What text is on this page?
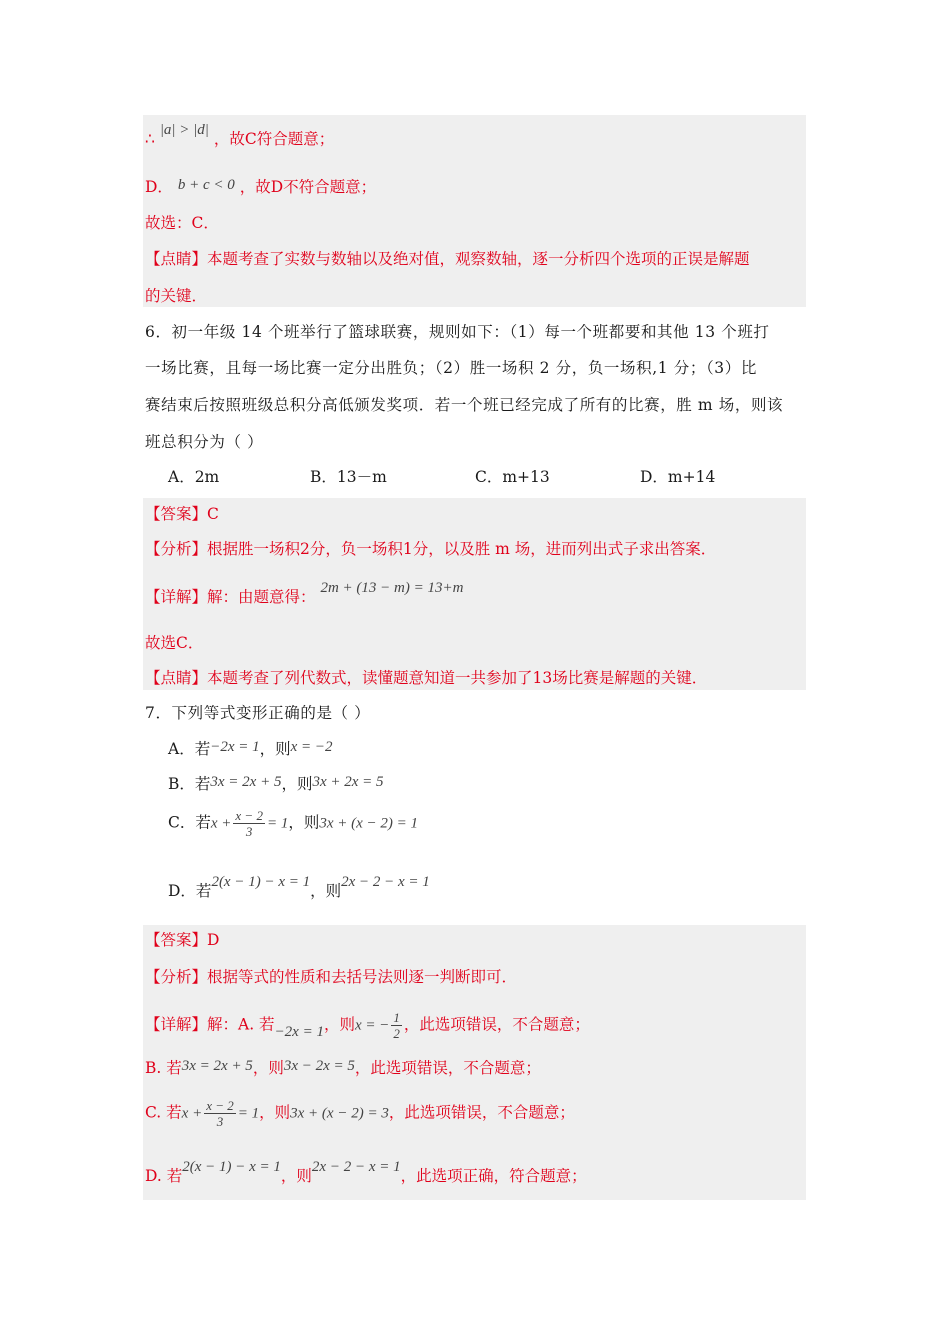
∴ |a| > |d| ，故C符合题意；
D． b + c < 0 ，故D不符合题意；
故选：C．
【点睛】本题考查了实数与数轴以及绝对值，观察数轴，逐一分析四个选项的正误是解题
的关键．
6．初一年级 14 个班举行了篮球联赛，规则如下：（1）每一个班都要和其他 13 个班打
一场比赛，且每一场比赛一定分出胜负；（2）胜一场积 2 分，负一场积,1 分；（3）比
赛结束后按照班级总积分高低颁发奖项．若一个班已经完成了所有的比赛，胜 m 场，则该
班总积分为（ ）
A．2m	B．13－m	C．m+13	D．m+14
【答案】C
【分析】根据胜一场积2分，负一场积1分，以及胜 m 场，进而列出式子求出答案．
【详解】解：由题意得： 2m + (13 − m) = 13+m
故选C．
【点睛】本题考查了列代数式，读懂题意知道一共参加了13场比赛是解题的关键．
7．下列等式变形正确的是（ ）
A．若−2x = 1，则x = −2
B．若3x = 2x + 5，则3x + 2x = 5
C．若$x + \frac{x - 2}{3} = 1$，则3x + (x − 2) = 1
D．若2(x − 1) − x = 1，则2x − 2 − x = 1
【答案】D
【分析】根据等式的性质和去括号法则逐一判断即可．
【详解】解：A. 若−2x = 1，则x = − $\frac{1}{2}$ ，此选项错误，不合题意；
B. 若3x = 2x + 5，则3x − 2x = 5，此选项错误，不合题意；
C. 若$x + \frac{x - 2}{3} = 1$，则3x + (x − 2) = 3，此选项错误，不合题意；
D. 若2(x − 1) − x = 1，则2x − 2 − x = 1，此选项正确，符合题意；
